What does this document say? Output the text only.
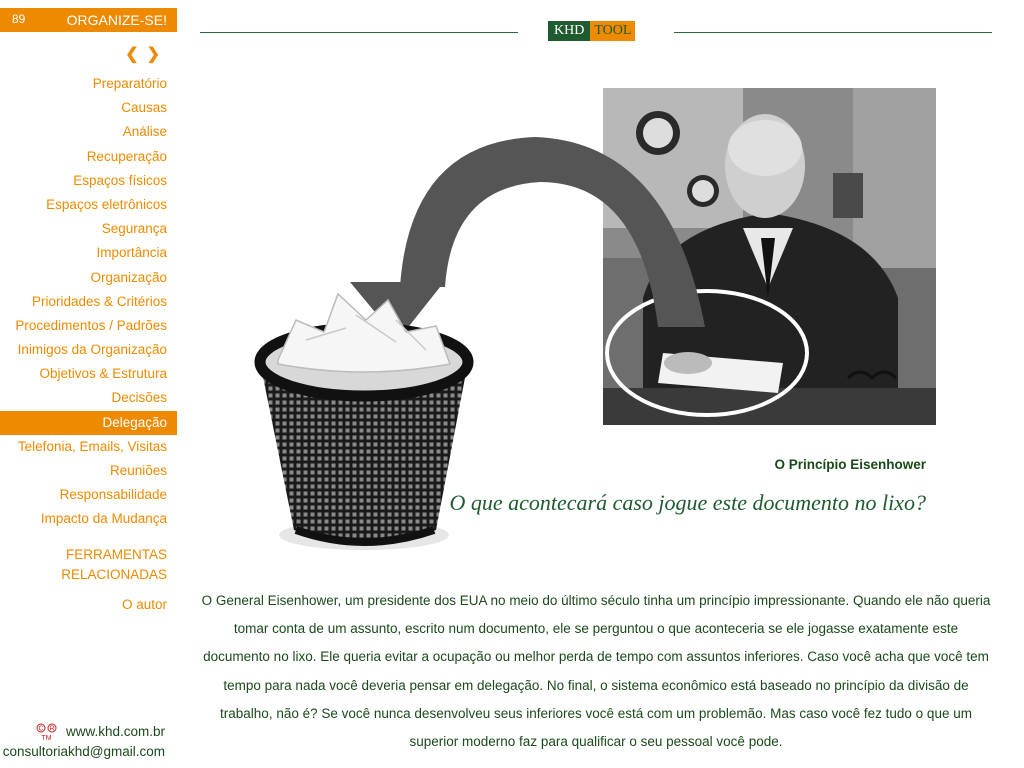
89	ORGANIZE-SE!
❮❯
KHD TOOL
Preparatório
Causas
Análise
Recuperação
Espaços físicos
Espaços eletrônicos
Segurança
Importância
Organização
Prioridades & Critérios
Procedimentos / Padrões
Inimigos da Organização
Objetivos & Estrutura
Decisões
Delegação
Telefonia, Emails, Visitas
Reuniões
Responsabilidade
Impacto da Mudança
FERRAMENTAS
RELACIONADAS
O autor
C R
TM www.khd.com.br
consultoriakhd@gmail.com
O Princípio Eisenhower
O que acontecará caso jogue este documento no lixo?
O General Eisenhower, um presidente dos EUA no meio do último século tinha um princípio impressionante. Quando ele não queria tomar conta de um assunto, escrito num documento, ele se perguntou o que aconteceria se ele jogasse exatamente este documento no lixo. Ele queria evitar a ocupação ou melhor perda de tempo com assuntos inferiores. Caso você acha que você tem tempo para nada você deveria pensar em delegação. No final, o sistema econômico está baseado no princípio da divisão de trabalho, não é? Se você nunca desenvolveu seus inferiores você está com um problemão. Mas caso você fez tudo o que um superior moderno faz para qualificar o seu pessoal você pode.
